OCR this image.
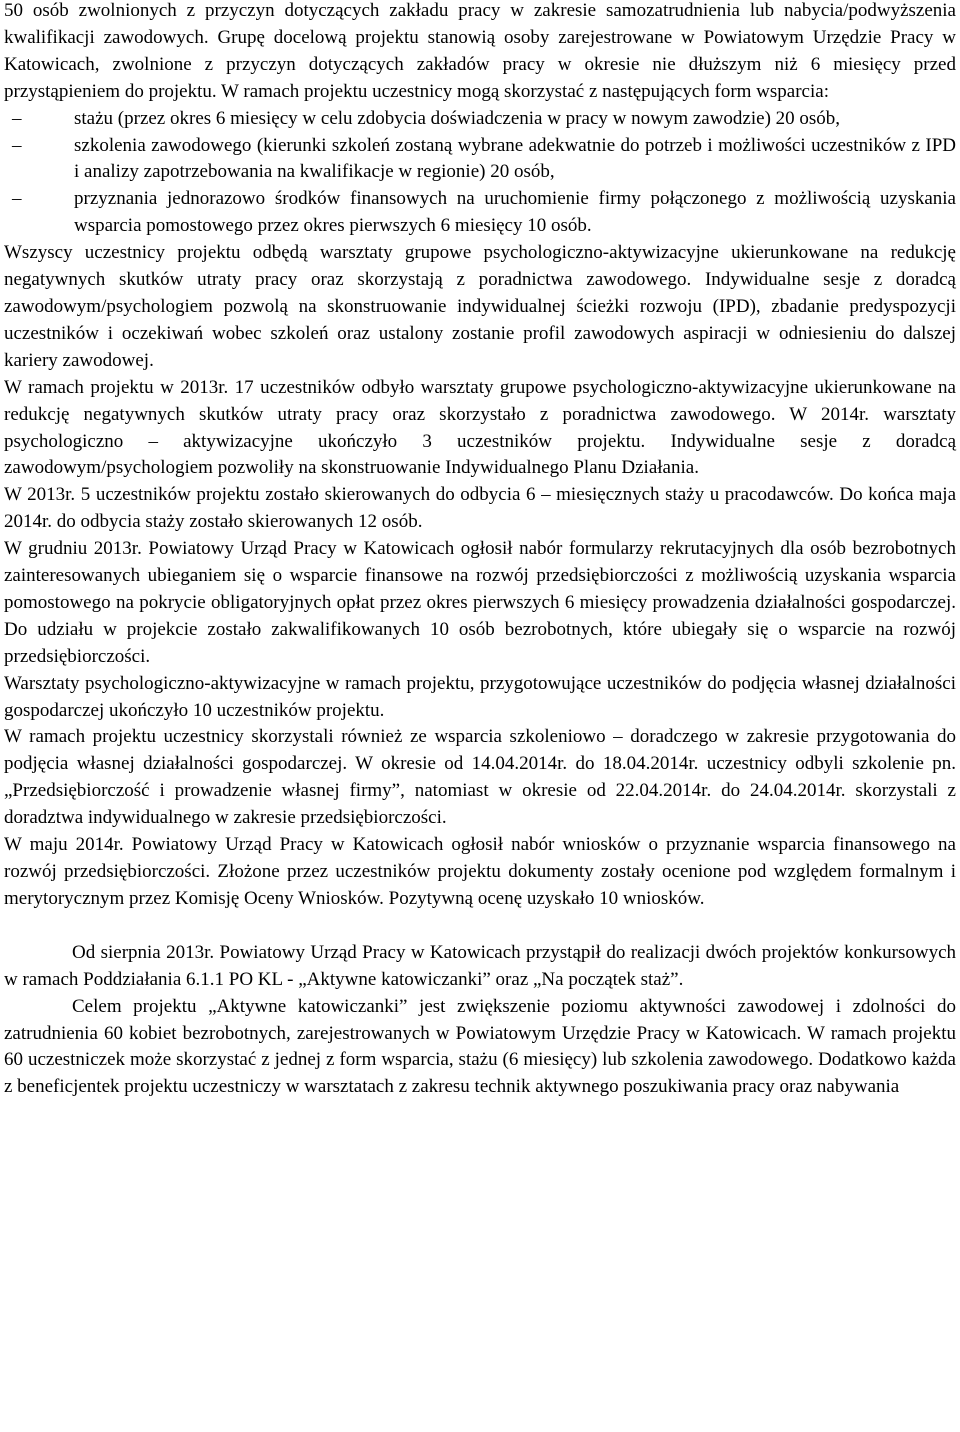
50 osób zwolnionych z przyczyn dotyczących zakładu pracy w zakresie samozatrudnienia lub nabycia/podwyższenia kwalifikacji zawodowych. Grupę docelową projektu stanowią osoby zarejestrowane w Powiatowym Urzędzie Pracy w Katowicach, zwolnione z przyczyn dotyczących zakładów pracy w okresie nie dłuższym niż 6 miesięcy przed przystąpieniem do projektu. W ramach projektu uczestnicy mogą skorzystać z następujących form wsparcia:

– stażu (przez okres 6 miesięcy w celu zdobycia doświadczenia w pracy w nowym zawodzie) 20 osób,
– szkolenia zawodowego (kierunki szkoleń zostaną wybrane adekwatnie do potrzeb i możliwości uczestników z IPD i analizy zapotrzebowania na kwalifikacje w regionie) 20 osób,
– przyznania jednorazowo środków finansowych na uruchomienie firmy połączonego z możliwością uzyskania wsparcia pomostowego przez okres pierwszych 6 miesięcy 10 osób.

Wszyscy uczestnicy projektu odbędą warsztaty grupowe psychologiczno-aktywizacyjne ukierunkowane na redukcję negatywnych skutków utraty pracy oraz skorzystają z poradnictwa zawodowego. Indywidualne sesje z doradcą zawodowym/psychologiem pozwolą na skonstruowanie indywidualnej ścieżki rozwoju (IPD), zbadanie predyspozycji uczestników i oczekiwań wobec szkoleń oraz ustalony zostanie profil zawodowych aspiracji w odniesieniu do dalszej kariery zawodowej.

W ramach projektu w 2013r. 17 uczestników odbyło warsztaty grupowe psychologiczno-aktywizacyjne ukierunkowane na redukcję negatywnych skutków utraty pracy oraz skorzystało z poradnictwa zawodowego. W 2014r. warsztaty psychologiczno – aktywizacyjne ukończyło 3 uczestników projektu. Indywidualne sesje z doradcą zawodowym/psychologiem pozwoliły na skonstruowanie Indywidualnego Planu Działania.

W 2013r. 5 uczestników projektu zostało skierowanych do odbycia 6 – miesięcznych staży u pracodawców. Do końca maja 2014r. do odbycia staży zostało skierowanych 12 osób.

W grudniu 2013r. Powiatowy Urząd Pracy w Katowicach ogłosił nabór formularzy rekrutacyjnych dla osób bezrobotnych zainteresowanych ubieganiem się o wsparcie finansowe na rozwój przedsiębiorczości z możliwością uzyskania wsparcia pomostowego na pokrycie obligatoryjnych opłat przez okres pierwszych 6 miesięcy prowadzenia działalności gospodarczej. Do udziału w projekcie zostało zakwalifikowanych 10 osób bezrobotnych, które ubiegały się o wsparcie na rozwój przedsiębiorczości.

Warsztaty psychologiczno-aktywizacyjne w ramach projektu, przygotowujące uczestników do podjęcia własnej działalności gospodarczej ukończyło 10 uczestników projektu.

W ramach projektu uczestnicy skorzystali również ze wsparcia szkoleniowo – doradczego w zakresie przygotowania do podjęcia własnej działalności gospodarczej. W okresie od 14.04.2014r. do 18.04.2014r. uczestnicy odbyli szkolenie pn. „Przedsiębiorczość i prowadzenie własnej firmy”, natomiast w okresie od 22.04.2014r. do 24.04.2014r. skorzystali z doradztwa indywidualnego w zakresie przedsiębiorczości.

W maju 2014r. Powiatowy Urząd Pracy w Katowicach ogłosił nabór wniosków o przyznanie wsparcia finansowego na rozwój przedsiębiorczości. Złożone przez uczestników projektu dokumenty zostały ocenione pod względem formalnym i merytorycznym przez Komisję Oceny Wniosków. Pozytywną ocenę uzyskało 10 wniosków.

Od sierpnia 2013r. Powiatowy Urząd Pracy w Katowicach przystąpił do realizacji dwóch projektów konkursowych w ramach Poddziałania 6.1.1 PO KL - „Aktywne katowiczanki” oraz „Na początek staż”.

Celem projektu „Aktywne katowiczanki” jest zwiększenie poziomu aktywności zawodowej i zdolności do zatrudnienia 60 kobiet bezrobotnych, zarejestrowanych w Powiatowym Urzędzie Pracy w Katowicach. W ramach projektu 60 uczestniczek może skorzystać z jednej z form wsparcia, stażu (6 miesięcy) lub szkolenia zawodowego. Dodatkowo każda z beneficjentek projektu uczestniczy w warsztatach z zakresu technik aktywnego poszukiwania pracy oraz nabywania
